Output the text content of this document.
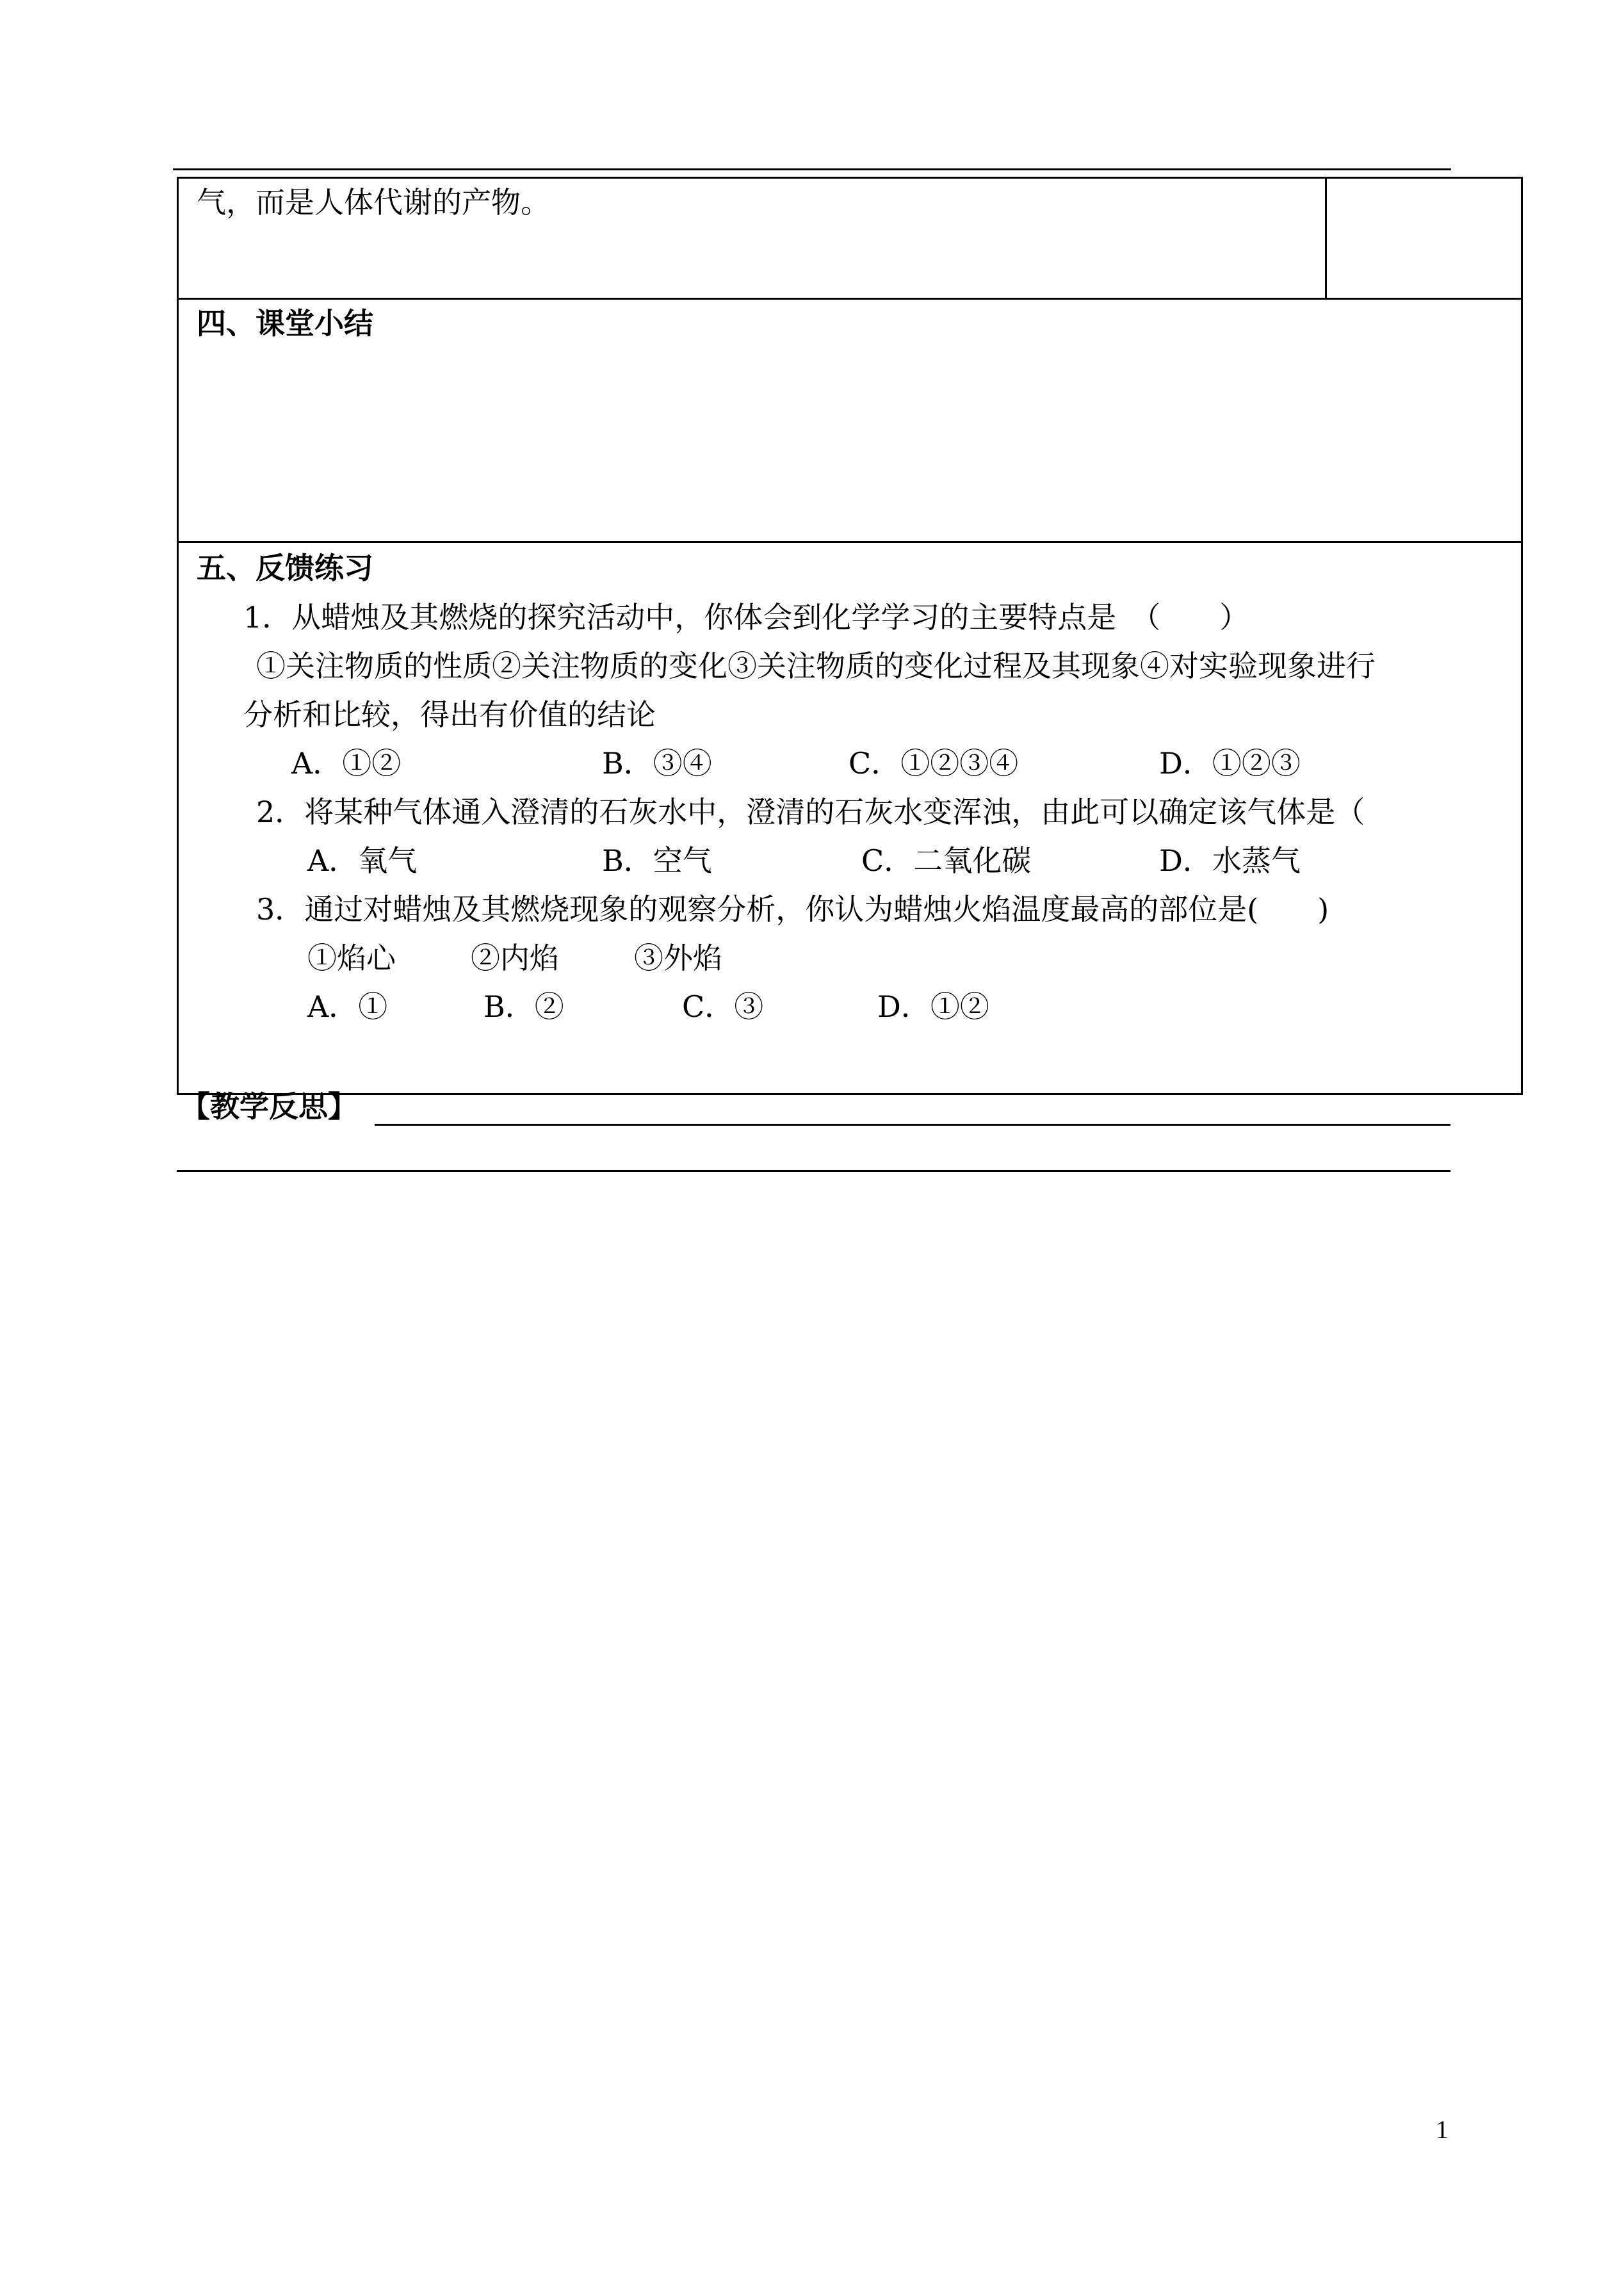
气，而是人体代谢的产物。
四、课堂小结
五、反馈练习
1．从蜡烛及其燃烧的探究活动中，你体会到化学学习的主要特点是　（　　）
①关注物质的性质②关注物质的变化③关注物质的变化过程及其现象④对实验现象进行
分析和比较，得出有价值的结论
A．①②	B．③④	C．①②③④	D．①②③
2．将某种气体通入澄清的石灰水中，澄清的石灰水变浑浊，由此可以确定该气体是（
A．氧气	B．空气	C．二氧化碳	D．水蒸气
3．通过对蜡烛及其燃烧现象的观察分析，你认为蜡烛火焰温度最高的部位是(　　)
①焰心	②内焰	③外焰
A．①	B．②	C．③	D．①②
【教学反思】
1
